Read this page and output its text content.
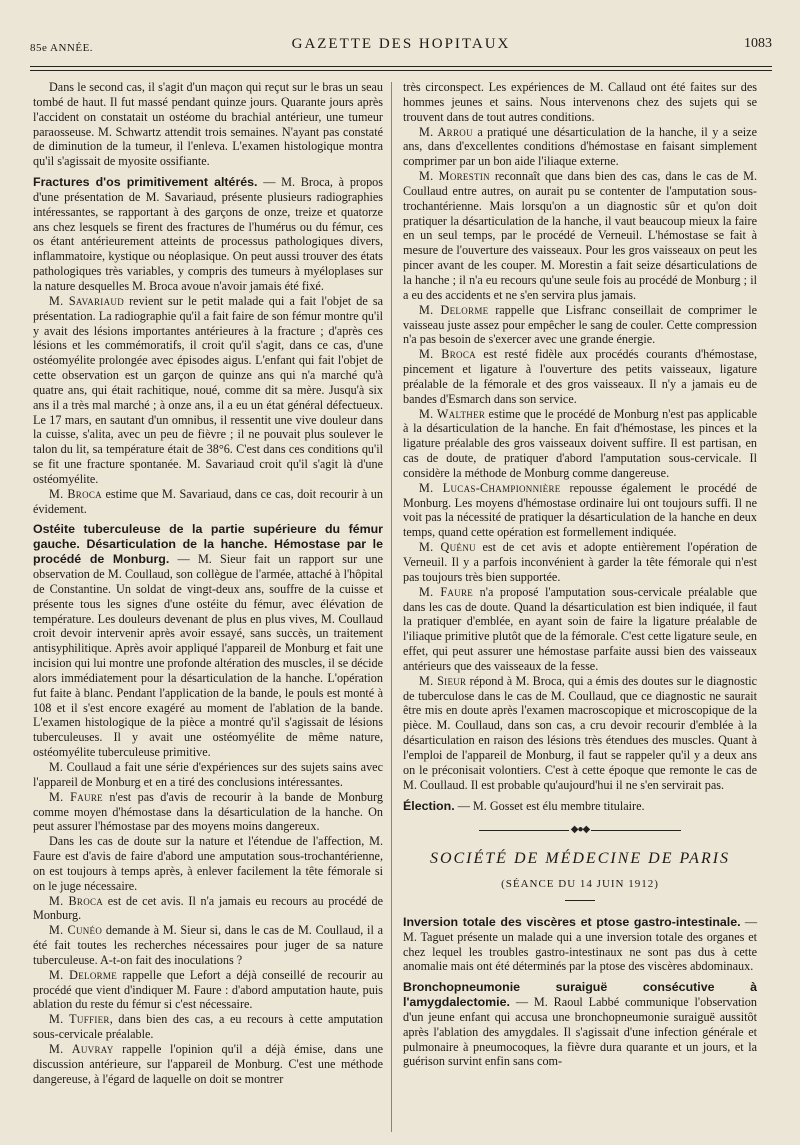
85e ANNÉE.	GAZETTE DES HOPITAUX	1083

Dans le second cas, il s'agit d'un maçon qui reçut sur le bras un seau tombé de haut. Il fut massé pendant quinze jours. Quarante jours après l'accident on constatait un ostéome du brachial antérieur, une tumeur paraosseuse. M. Schwartz attendit trois semaines. N'ayant pas constaté de diminution de la tumeur, il l'enleva. L'examen histologique montra qu'il s'agissait de myosite ossifiante.

Fractures d'os primitivement altérés. — M. Broca, à propos d'une présentation de M. Savariaud, présente plusieurs radiographies intéressantes, se rapportant à des garçons de onze, treize et quatorze ans chez lesquels se firent des fractures de l'humérus ou du fémur, ces os étant antérieurement atteints de processus pathologiques divers, inflammatoire, kystique ou néoplasique. On peut aussi trouver des états pathologiques très variables, y compris des tumeurs à myéloplases sur la nature desquelles M. Broca avoue n'avoir jamais été fixé.

M. Savariaud revient sur le petit malade qui a fait l'objet de sa présentation. La radiographie qu'il a fait faire de son fémur montre qu'il y avait des lésions importantes antérieures à la fracture ; d'après ces lésions et les commémoratifs, il croit qu'il s'agit, dans ce cas, d'une ostéomyélite prolongée avec épisodes aigus. L'enfant qui fait l'objet de cette observation est un garçon de quinze ans qui n'a marché qu'à quatre ans, qui était rachitique, noué, comme dit sa mère. Jusqu'à six ans il a très mal marché ; à onze ans, il a eu un état général défectueux. Le 17 mars, en sautant d'un omnibus, il ressentit une vive douleur dans la cuisse, s'alita, avec un peu de fièvre ; il ne pouvait plus soulever le talon du lit, sa température était de 38°6. C'est dans ces conditions qu'il se fit une fracture spontanée. M. Savariaud croit qu'il s'agit là d'une ostéomyélite.

M. Broca estime que M. Savariaud, dans ce cas, doit recourir à un évidement.

Ostéite tuberculeuse de la partie supérieure du fémur gauche. Désarticulation de la hanche. Hémostase par le procédé de Monburg. — M. Sieur fait un rapport sur une observation de M. Coullaud, son collègue de l'armée, attaché à l'hôpital de Constantine. Un soldat de vingt-deux ans, souffre de la cuisse et présente tous les signes d'une ostéite du fémur, avec élévation de température. Les douleurs devenant de plus en plus vives, M. Coullaud croit devoir intervenir après avoir essayé, sans succès, un traitement antisyphilitique. Après avoir appliqué l'appareil de Monburg et fait une incision qui lui montre une profonde altération des muscles, il se décide alors immédiatement pour la désarticulation de la hanche. L'opération fut faite à blanc. Pendant l'application de la bande, le pouls est monté à 108 et il s'est encore exagéré au moment de l'ablation de la bande. L'examen histologique de la pièce a montré qu'il s'agissait de lésions tuberculeuses. Il y avait une ostéomyélite de même nature, ostéomyélite tuberculeuse primitive.

M. Coullaud a fait une série d'expériences sur des sujets sains avec l'appareil de Monburg et en a tiré des conclusions intéressantes.

M. Faure n'est pas d'avis de recourir à la bande de Monburg comme moyen d'hémostase dans la désarticulation de la hanche. On peut assurer l'hémostase par des moyens moins dangereux.

Dans les cas de doute sur la nature et l'étendue de l'affection, M. Faure est d'avis de faire d'abord une amputation sous-trochantérienne, on est toujours à temps après, à enlever facilement la tête fémorale si on le juge nécessaire.

M. Broca est de cet avis. Il n'a jamais eu recours au procédé de Monburg.

M. Cunéo demande à M. Sieur si, dans le cas de M. Coullaud, il a été fait toutes les recherches nécessaires pour juger de sa nature tuberculeuse. A-t-on fait des inoculations ?

M. Delorme rappelle que Lefort a déjà conseillé de recourir au procédé que vient d'indiquer M. Faure : d'abord amputation haute, puis ablation du reste du fémur si c'est nécessaire.

M. Tuffier, dans bien des cas, a eu recours à cette amputation sous-cervicale préalable.

M. Auvray rappelle l'opinion qu'il a déjà émise, dans une discussion antérieure, sur l'appareil de Monburg. C'est une méthode dangereuse, à l'égard de laquelle on doit se montrer

très circonspect. Les expériences de M. Callaud ont été faites sur des hommes jeunes et sains. Nous intervenons chez des sujets qui se trouvent dans de tout autres conditions.

M. Arrou a pratiqué une désarticulation de la hanche, il y a seize ans, dans d'excellentes conditions d'hémostase en faisant simplement comprimer par un bon aide l'iliaque externe.

M. Morestin reconnaît que dans bien des cas, dans le cas de M. Coullaud entre autres, on aurait pu se contenter de l'amputation sous-trochantérienne. Mais lorsqu'on a un diagnostic sûr et qu'on doit pratiquer la désarticulation de la hanche, il vaut beaucoup mieux la faire en un seul temps, par le procédé de Verneuil. L'hémostase se fait à mesure de l'ouverture des vaisseaux. Pour les gros vaisseaux on peut les pincer avant de les couper. M. Morestin a fait seize désarticulations de la hanche ; il n'a eu recours qu'une seule fois au procédé de Monburg ; il a eu des accidents et ne s'en servira plus jamais.

M. Delorme rappelle que Lisfranc conseillait de comprimer le vaisseau juste assez pour empêcher le sang de couler. Cette compression n'a pas besoin de s'exercer avec une grande énergie.

M. Broca est resté fidèle aux procédés courants d'hémostase, pincement et ligature à l'ouverture des petits vaisseaux, ligature préalable de la fémorale et des gros vaisseaux. Il n'y a jamais eu de bandes d'Esmarch dans son service.

M. Walther estime que le procédé de Monburg n'est pas applicable à la désarticulation de la hanche. En fait d'hémostase, les pinces et la ligature préalable des gros vaisseaux doivent suffire. Il est partisan, en cas de doute, de pratiquer d'abord l'amputation sous-cervicale. Il considère la méthode de Monburg comme dangereuse.

M. Lucas-Championnière repousse également le procédé de Monburg. Les moyens d'hémostase ordinaire lui ont toujours suffi. Il ne voit pas la nécessité de pratiquer la désarticulation de la hanche en deux temps, quand cette opération est formellement indiquée.

M. Quénu est de cet avis et adopte entièrement l'opération de Verneuil. Il y a parfois inconvénient à garder la tête fémorale qui n'est pas toujours très bien supportée.

M. Faure n'a proposé l'amputation sous-cervicale préalable que dans les cas de doute. Quand la désarticulation est bien indiquée, il faut la pratiquer d'emblée, en ayant soin de faire la ligature préalable de l'iliaque primitive plutôt que de la fémorale. C'est cette ligature seule, en effet, qui peut assurer une hémostase parfaite aussi bien des vaisseaux antérieurs que des vaisseaux de la fesse.

M. Sieur répond à M. Broca, qui a émis des doutes sur le diagnostic de tuberculose dans le cas de M. Coullaud, que ce diagnostic ne saurait être mis en doute après l'examen macroscopique et microscopique de la pièce. M. Coullaud, dans son cas, a cru devoir recourir d'emblée à la désarticulation en raison des lésions très étendues des muscles. Quant à l'emploi de l'appareil de Monburg, il faut se rappeler qu'il y a deux ans on le préconisait volontiers. C'est à cette époque que remonte le cas de M. Coullaud. Il est probable qu'aujourd'hui il ne s'en servirait pas.

Élection. — M. Gosset est élu membre titulaire.

◆●◆
SOCIÉTÉ DE MÉDECINE DE PARIS
(SÉANCE DU 14 JUIN 1912)

Inversion totale des viscères et ptose gastro-intestinale. — M. Taguet présente un malade qui a une inversion totale des organes et chez lequel les troubles gastro-intestinaux ne sont pas dus à cette anomalie mais ont été déterminés par la ptose des viscères abdominaux.

Bronchopneumonie suraiguë consécutive à l'amygdalectomie. — M. Raoul Labbé communique l'observation d'un jeune enfant qui accusa une bronchopneumonie suraiguë aussitôt après l'ablation des amygdales. Il s'agissait d'une infection générale et pulmonaire à pneumocoques, la fièvre dura quarante et un jours, et la guérison survint enfin sans com-
